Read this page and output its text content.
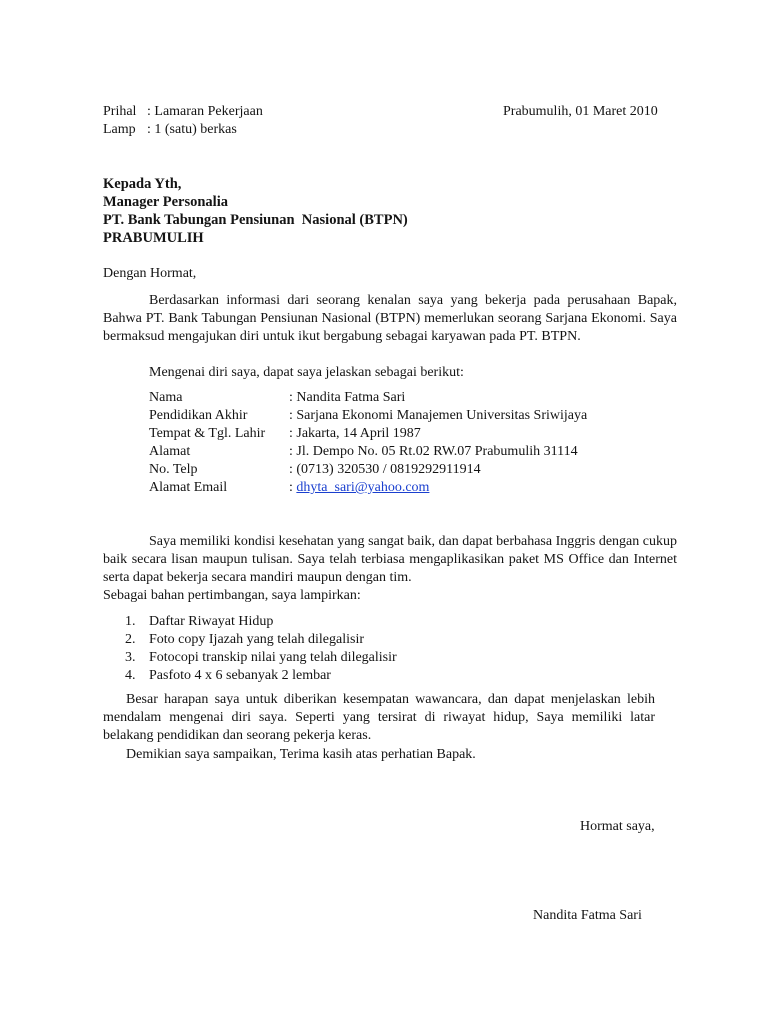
Prihal : Lamaran Pekerjaan
Lamp : 1 (satu) berkas
Prabumulih, 01 Maret 2010
Kepada Yth,
Manager Personalia
PT. Bank Tabungan Pensiunan  Nasional (BTPN)
PRABUMULIH
Dengan Hormat,
Berdasarkan informasi dari seorang kenalan saya yang bekerja pada perusahaan Bapak, Bahwa PT. Bank Tabungan Pensiunan Nasional (BTPN) memerlukan seorang Sarjana Ekonomi. Saya bermaksud mengajukan diri untuk ikut bergabung sebagai karyawan pada PT. BTPN.
Mengenai diri saya, dapat saya jelaskan sebagai berikut:
Nama	: Nandita Fatma Sari
Pendidikan Akhir	: Sarjana Ekonomi Manajemen Universitas Sriwijaya
Tempat & Tgl. Lahir : Jakarta, 14 April 1987
Alamat	: Jl. Dempo No. 05 Rt.02 RW.07 Prabumulih 31114
No. Telp	: (0713) 320530 / 0819292911914
Alamat Email	: dhyta_sari@yahoo.com
Saya memiliki kondisi kesehatan yang sangat baik, dan dapat berbahasa Inggris dengan cukup baik secara lisan maupun tulisan. Saya telah terbiasa mengaplikasikan paket MS Office dan Internet serta dapat bekerja secara mandiri maupun dengan tim.
Sebagai bahan pertimbangan, saya lampirkan:
1. Daftar Riwayat Hidup
2. Foto copy Ijazah yang telah dilegalisir
3. Fotocopi transkip nilai yang telah dilegalisir
4. Pasfoto 4 x 6 sebanyak 2 lembar
Besar harapan saya untuk diberikan kesempatan wawancara, dan dapat menjelaskan lebih mendalam mengenai diri saya. Seperti yang tersirat di riwayat hidup, Saya memiliki latar belakang pendidikan dan seorang pekerja keras.
Demikian saya sampaikan, Terima kasih atas perhatian Bapak.
Hormat saya,
Nandita Fatma Sari
